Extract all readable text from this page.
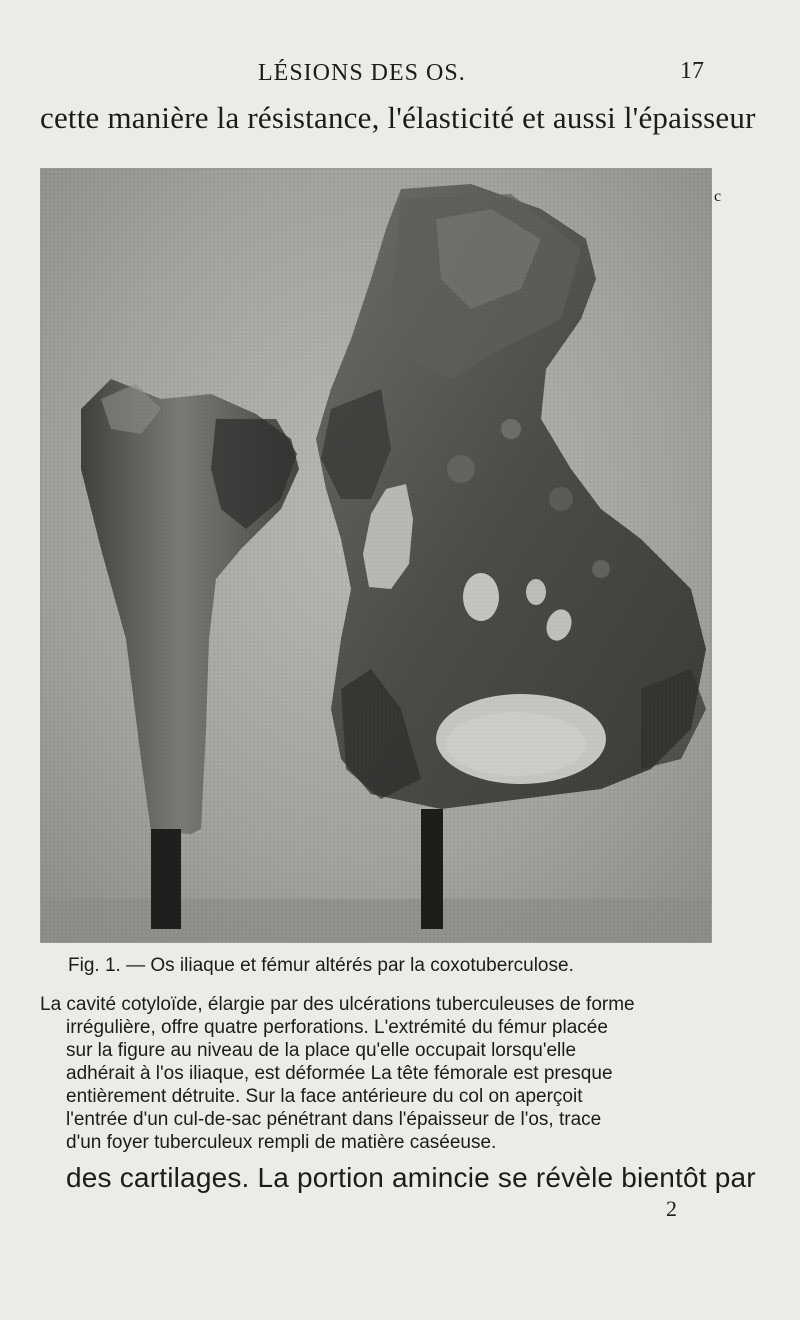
LÉSIONS DES OS.	17
cette manière la résistance, l'élasticité et aussi l'épaisseur
c
Fig. 1. — Os iliaque et fémur altérés par la coxotuberculose.
La cavité cotyloïde, élargie par des ulcérations tuberculeuses de forme
irrégulière, offre quatre perforations. L'extrémité du fémur placée
sur la figure au niveau de la place qu'elle occupait lorsqu'elle
adhérait à l'os iliaque, est déformée La tête fémorale est presque
entièrement détruite. Sur la face antérieure du col on aperçoit
l'entrée d'un cul-de-sac pénétrant dans l'épaisseur de l'os, trace
d'un foyer tuberculeux rempli de matière caséeuse.
des cartilages. La portion amincie se révèle bientôt par
2
